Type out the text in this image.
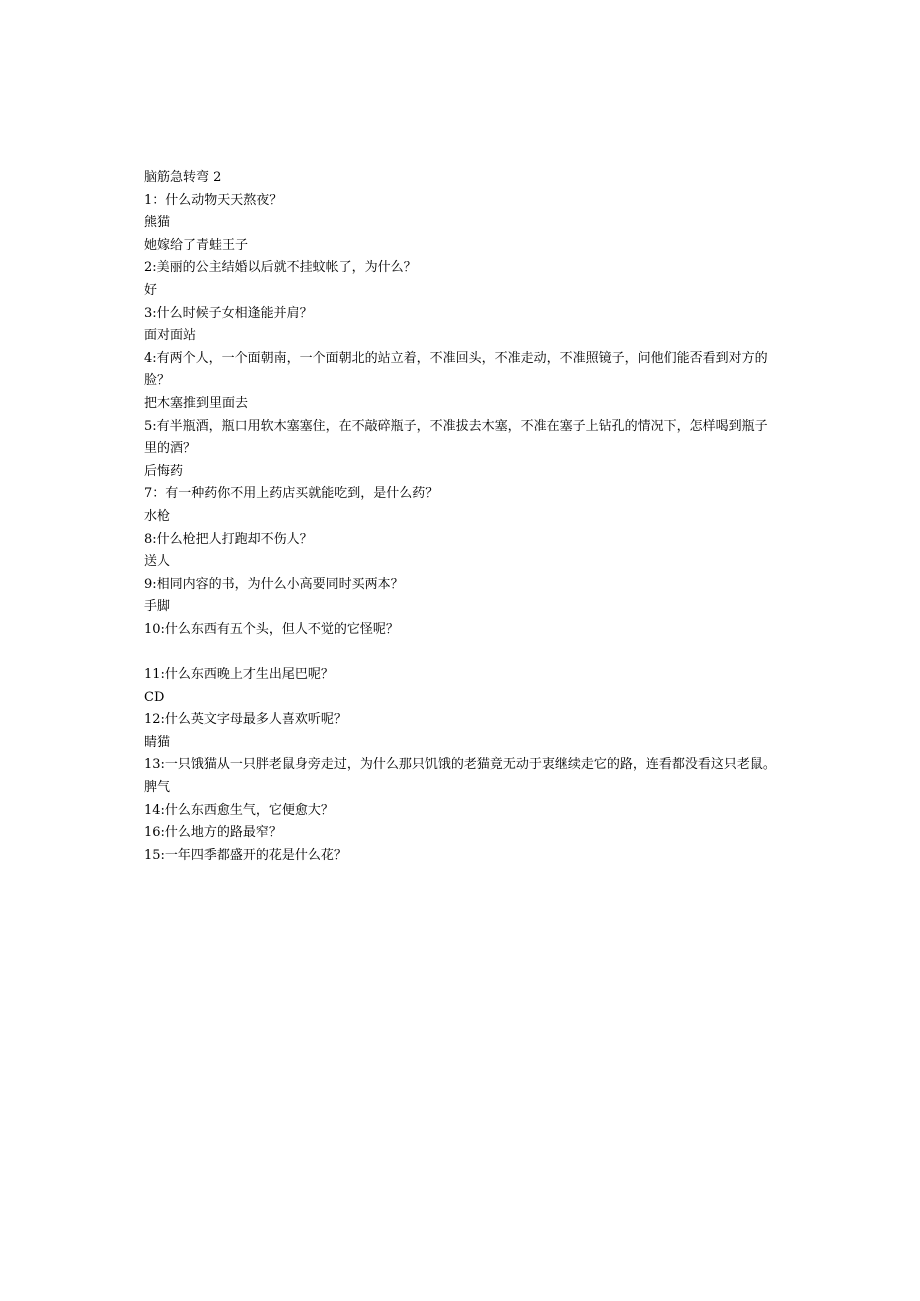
脑筋急转弯 2
1：什么动物天天熬夜？
熊猫
她嫁给了青蛙王子
2:美丽的公主结婚以后就不挂蚊帐了，为什么？
好
3:什么时候子女相逢能并肩？
面对面站
4:有两个人，一个面朝南，一个面朝北的站立着，不准回头，不准走动，不准照镜子，问他们能否看到对方的脸？
把木塞推到里面去
5:有半瓶酒，瓶口用软木塞塞住，在不敲碎瓶子，不准拔去木塞，不准在塞子上钻孔的情况下，怎样喝到瓶子里的酒？
后悔药
7：有一种药你不用上药店买就能吃到，是什么药？
水枪
8:什么枪把人打跑却不伤人？
送人
9:相同内容的书，为什么小高要同时买两本？
手脚
10:什么东西有五个头，但人不觉的它怪呢？
11:什么东西晚上才生出尾巴呢？
CD
12:什么英文字母最多人喜欢听呢？
睛猫
13:一只饿猫从一只胖老鼠身旁走过，为什么那只饥饿的老猫竟无动于衷继续走它的路，连看都没看这只老鼠。
脾气
14:什么东西愈生气，它便愈大？
16:什么地方的路最窄？
15:一年四季都盛开的花是什么花？
